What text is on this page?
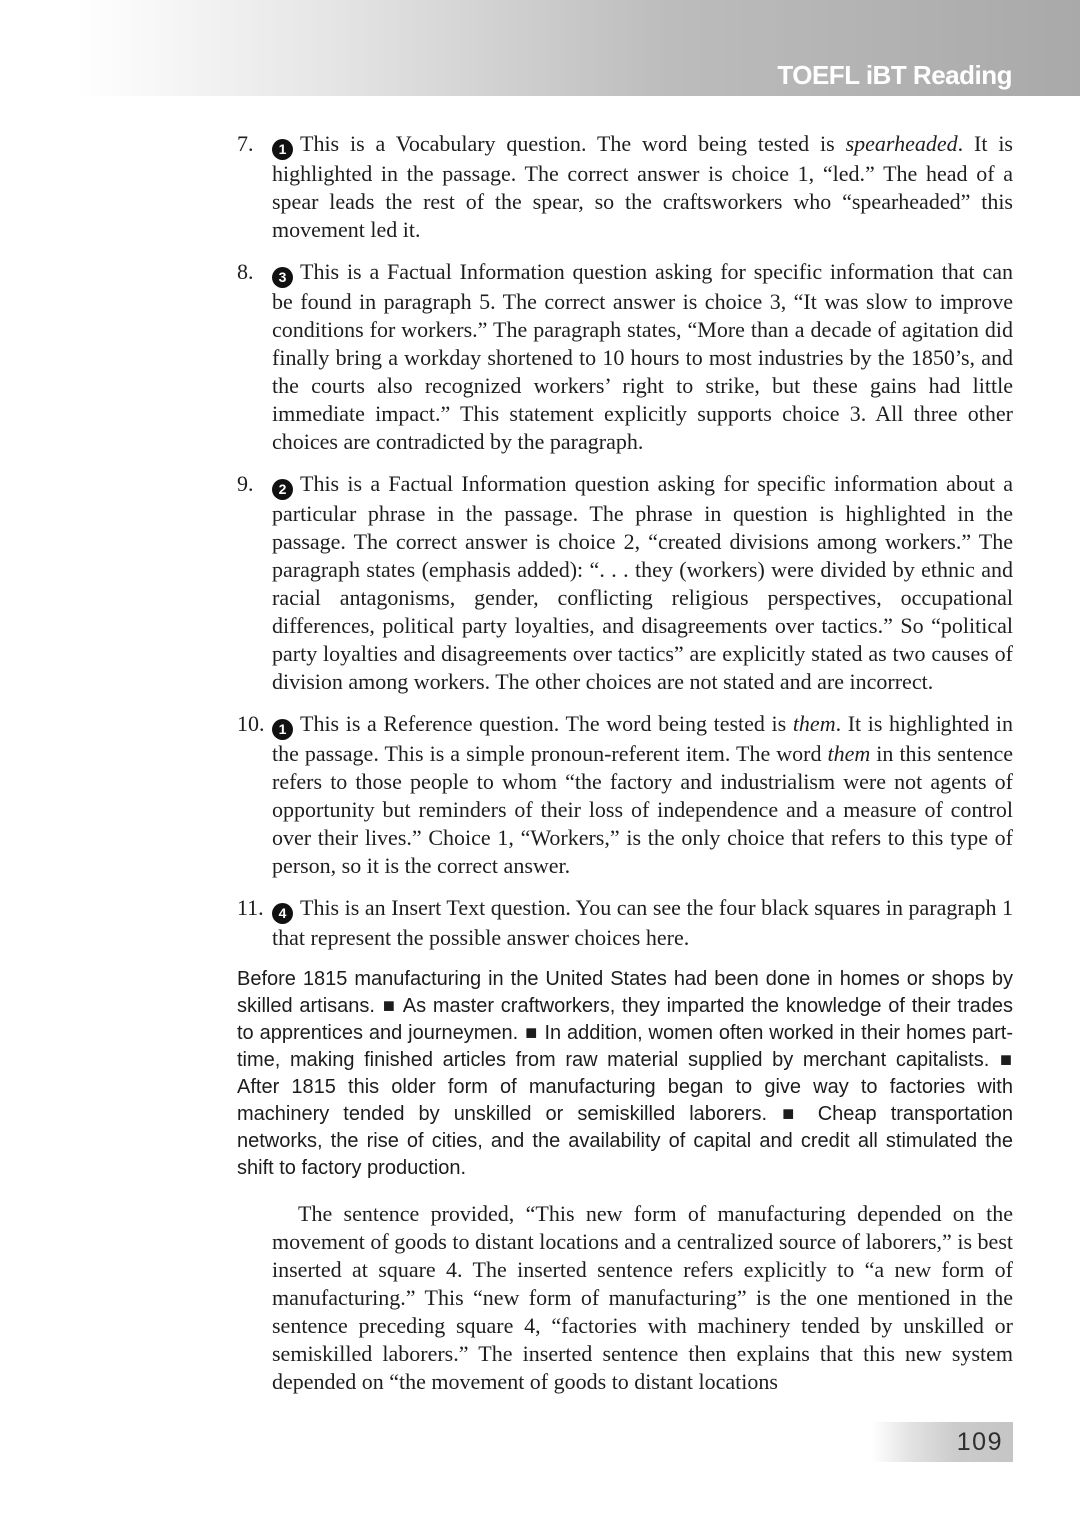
TOEFL iBT Reading
7.	1 This is a Vocabulary question. The word being tested is spearheaded. It is highlighted in the passage. The correct answer is choice 1, “led.” The head of a spear leads the rest of the spear, so the craftsworkers who “spearheaded” this movement led it.
8.	3 This is a Factual Information question asking for specific information that can be found in paragraph 5. The correct answer is choice 3, “It was slow to improve conditions for workers.” The paragraph states, “More than a decade of agitation did finally bring a workday shortened to 10 hours to most industries by the 1850’s, and the courts also recognized workers’ right to strike, but these gains had little immediate impact.” This statement explicitly supports choice 3. All three other choices are contradicted by the paragraph.
9.	2 This is a Factual Information question asking for specific information about a particular phrase in the passage. The phrase in question is highlighted in the passage. The correct answer is choice 2, “created divisions among workers.” The paragraph states (emphasis added): “. . . they (workers) were divided by ethnic and racial antagonisms, gender, conflicting religious perspectives, occupational differences, political party loyalties, and disagreements over tactics.” So “political party loyalties and disagreements over tactics” are explicitly stated as two causes of division among workers. The other choices are not stated and are incorrect.
10.	1 This is a Reference question. The word being tested is them. It is highlighted in the passage. This is a simple pronoun-referent item. The word them in this sentence refers to those people to whom “the factory and industrialism were not agents of opportunity but reminders of their loss of independence and a measure of control over their lives.” Choice 1, “Workers,” is the only choice that refers to this type of person, so it is the correct answer.
11.	4 This is an Insert Text question. You can see the four black squares in paragraph 1 that represent the possible answer choices here.
Before 1815 manufacturing in the United States had been done in homes or shops by skilled artisans. ■ As master craftworkers, they imparted the knowledge of their trades to apprentices and journeymen. ■ In addition, women often worked in their homes part-time, making finished articles from raw material supplied by merchant capitalists. ■ After 1815 this older form of manufacturing began to give way to factories with machinery tended by unskilled or semiskilled laborers. ■ Cheap transportation networks, the rise of cities, and the availability of capital and credit all stimulated the shift to factory production.
The sentence provided, “This new form of manufacturing depended on the movement of goods to distant locations and a centralized source of laborers,” is best inserted at square 4. The inserted sentence refers explicitly to “a new form of manufacturing.” This “new form of manufacturing” is the one mentioned in the sentence preceding square 4, “factories with machinery tended by unskilled or semiskilled laborers.” The inserted sentence then explains that this new system depended on “the movement of goods to distant locations
109
